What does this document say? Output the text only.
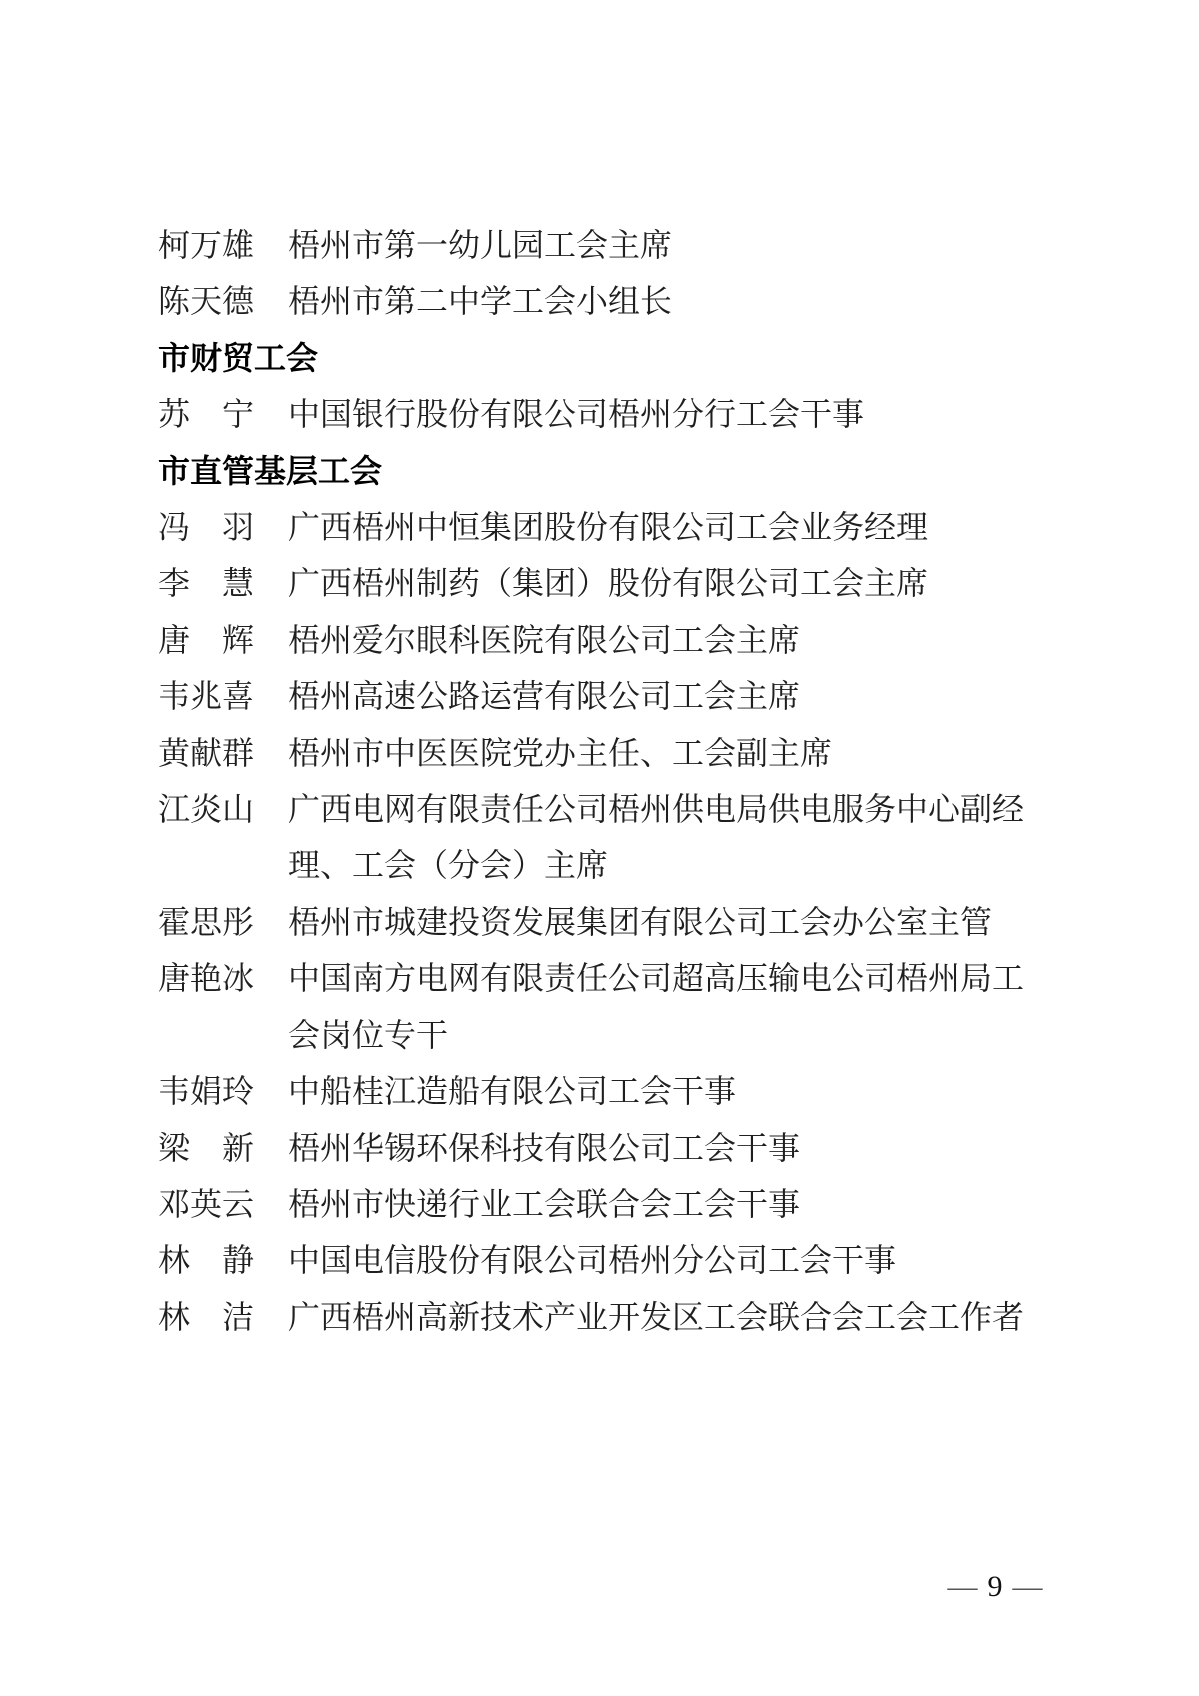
柯万雄 梧州市第一幼儿园工会主席
陈天德 梧州市第二中学工会小组长
市财贸工会
苏　宁 中国银行股份有限公司梧州分行工会干事
市直管基层工会
冯　羽 广西梧州中恒集团股份有限公司工会业务经理
李　慧 广西梧州制药（集团）股份有限公司工会主席
唐　辉 梧州爱尔眼科医院有限公司工会主席
韦兆喜 梧州高速公路运营有限公司工会主席
黄献群 梧州市中医医院党办主任、工会副主席
江炎山 广西电网有限责任公司梧州供电局供电服务中心副经
理、工会（分会）主席
霍思彤 梧州市城建投资发展集团有限公司工会办公室主管
唐艳冰 中国南方电网有限责任公司超高压输电公司梧州局工
会岗位专干
韦娟玲 中船桂江造船有限公司工会干事
梁　新 梧州华锡环保科技有限公司工会干事
邓英云 梧州市快递行业工会联合会工会干事
林　静 中国电信股份有限公司梧州分公司工会干事
林　洁 广西梧州高新技术产业开发区工会联合会工会工作者
— 9 —
